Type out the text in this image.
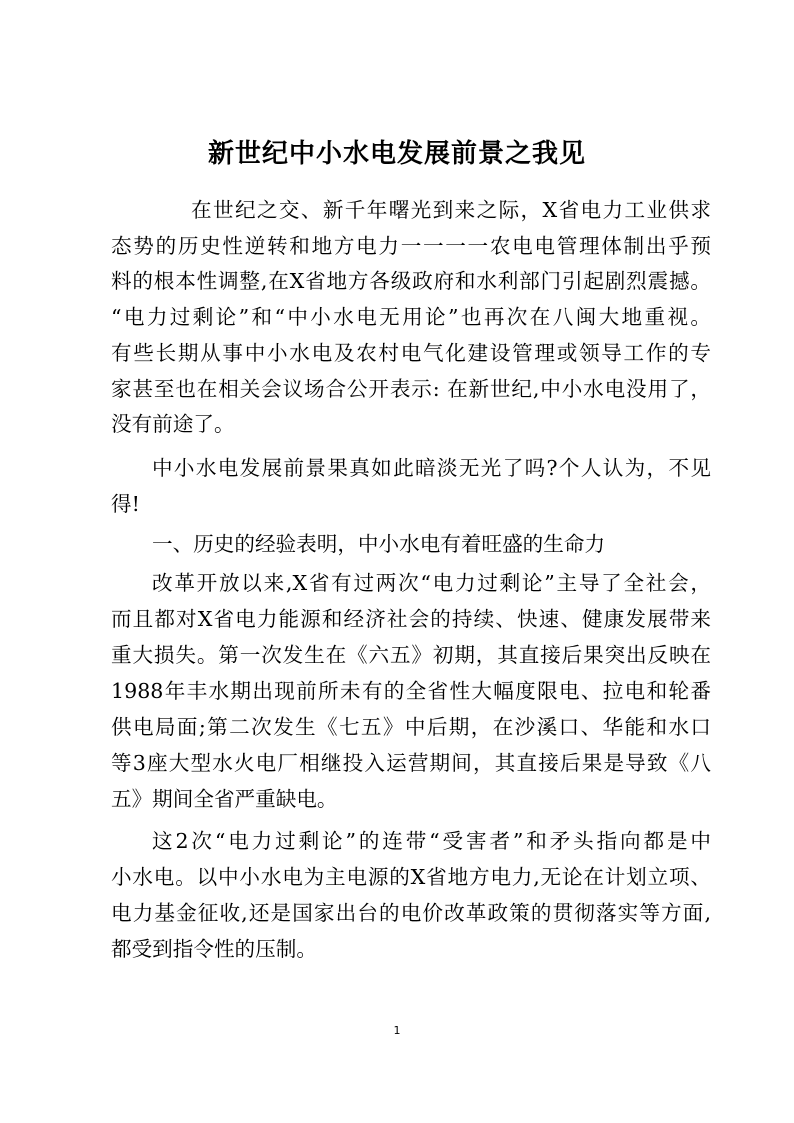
新世纪中小水电发展前景之我见
在世纪之交、新千年曙光到来之际，X省电力工业供求
态势的历史性逆转和地方电力一一一一农电电管理体制出乎预
料的根本性调整,在X省地方各级政府和水利部门引起剧烈震撼。
“电力过剩论”和“中小水电无用论”也再次在八闽大地重视。
有些长期从事中小水电及农村电气化建设管理或领导工作的专
家甚至也在相关会议场合公开表示: 在新世纪,中小水电没用了，
没有前途了。
中小水电发展前景果真如此暗淡无光了吗?个人认为，不见
得!
一、历史的经验表明，中小水电有着旺盛的生命力
改革开放以来,X省有过两次“电力过剩论”主导了全社会，
而且都对X省电力能源和经济社会的持续、快速、健康发展带来
重大损失。第一次发生在《六五》初期，其直接后果突出反映在
1988年丰水期出现前所未有的全省性大幅度限电、拉电和轮番
供电局面;第二次发生《七五》中后期，在沙溪口、华能和水口
等3座大型水火电厂相继投入运营期间，其直接后果是导致《八
五》期间全省严重缺电。
这2次“电力过剩论”的连带“受害者”和矛头指向都是中
小水电。以中小水电为主电源的X省地方电力,无论在计划立项、
电力基金征收,还是国家出台的电价改革政策的贯彻落实等方面,
都受到指令性的压制。
1
